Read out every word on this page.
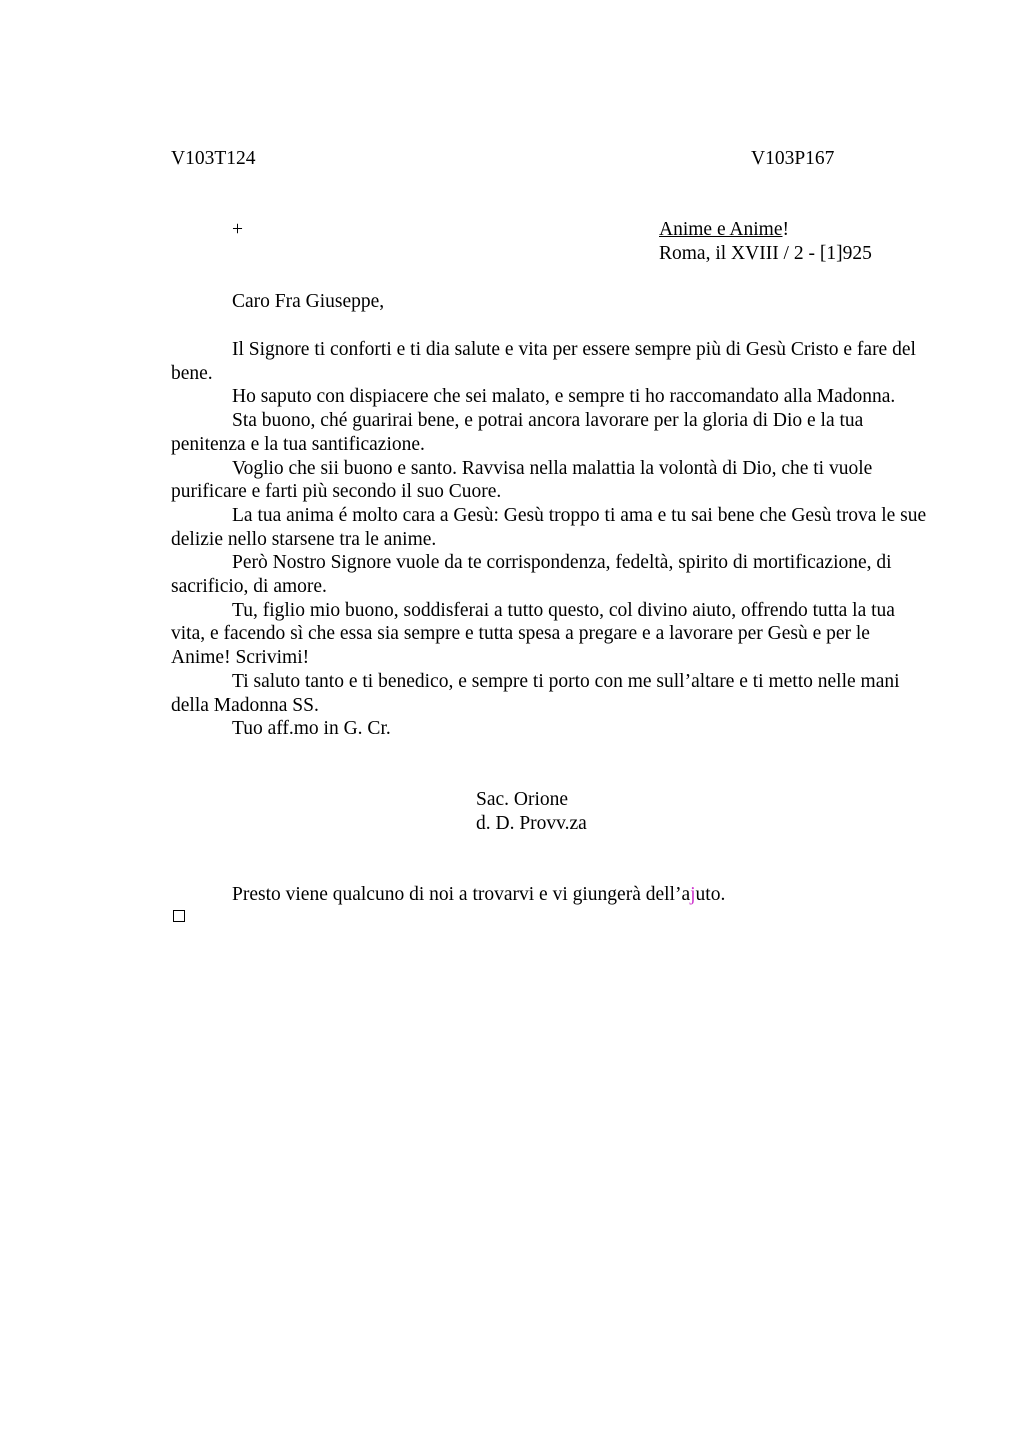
V103T124	V103P167
+	Anime e Anime!
Roma, il XVIII / 2 - [1]925
Caro Fra Giuseppe,

Il Signore ti conforti e ti dia salute e vita per essere sempre più di Gesù Cristo e fare del bene.

Ho saputo con dispiacere che sei malato, e sempre ti ho raccomandato alla Madonna.

Sta buono, ché guarirai bene, e potrai ancora lavorare per la gloria di Dio e la tua penitenza e la tua santificazione.

Voglio che sii buono e santo. Ravvisa nella malattia la volontà di Dio, che ti vuole purificare e farti più secondo il suo Cuore.

La tua anima é molto cara a Gesù: Gesù troppo ti ama e tu sai bene che Gesù trova le sue delizie nello starsene tra le anime.

Però Nostro Signore vuole da te corrispondenza, fedeltà, spirito di mortificazione, di sacrificio, di amore.

Tu, figlio mio buono, soddisferai a tutto questo, col divino aiuto, offrendo tutta la tua vita, e facendo sì che essa sia sempre e tutta spesa a pregare e a lavorare per Gesù e per le Anime! Scrivimi!

Ti saluto tanto e ti benedico, e sempre ti porto con me sull’altare e ti metto nelle mani della Madonna SS.

Tuo aff.mo in G. Cr.

Sac. Orione
d. D. Provv.za
Presto viene qualcuno di noi a trovarvi e vi giungerà dell’ajuto.
